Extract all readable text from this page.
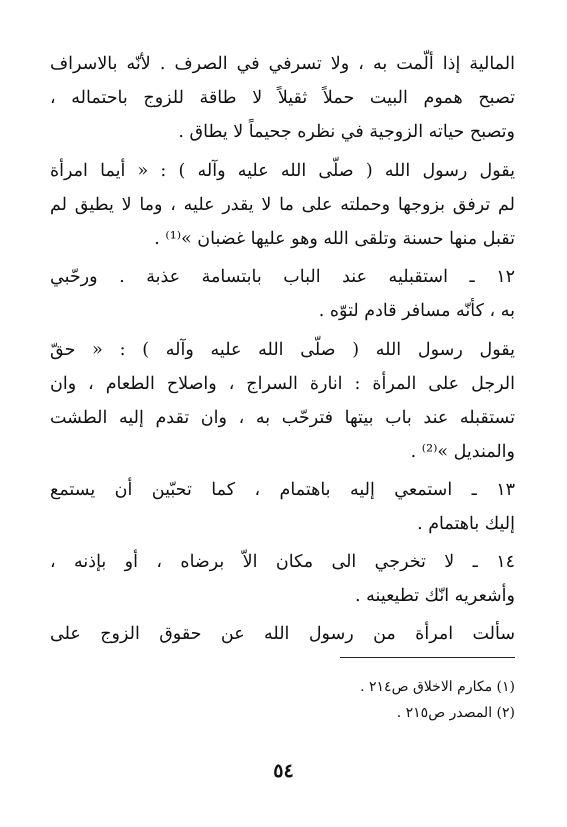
المالية إذا ألّمت به ، ولا تسرفي في الصرف . لأنّه بالاسراف
تصبح هموم البيت حملاً ثقيلاً لا طاقة للزوج باحتماله ،
وتصبح حياته الزوجية في نظره جحيماً لا يطاق .
يقول رسول الله ( صلّى الله عليه وآله ) : « أيما امرأة
لم ترفق بزوجها وحملته على ما لا يقدر عليه ، وما لا يطيق لم
تقبل منها حسنة وتلقى الله وهو عليها غضبان »⁽¹⁾ .
١٢ ـ استقبليه عند الباب بابتسامة عذبة . ورحّبي
به ، كأنّه مسافر قادم لتوّه .
يقول رسول الله ( صلّى الله عليه وآله ) : « حقّ
الرجل على المرأة : انارة السراج ، واصلاح الطعام ، وان
تستقبله عند باب بيتها فترحّب به ، وان تقدم إليه الطشت
والمنديل »⁽²⁾ .
١٣ ـ استمعي إليه باهتمام ، كما تحبّين أن يستمع
إليك باهتمام .
١٤ ـ لا تخرجي الى مكان الاّ برضاه ، أو بإذنه ،
وأشعريه انّك تطيعينه .
سألت امرأة من رسول الله عن حقوق الزوج على
(١) مكارم الاخلاق ص٢١٤ .
(٢) المصدر ص٢١٥ .
٥٤
